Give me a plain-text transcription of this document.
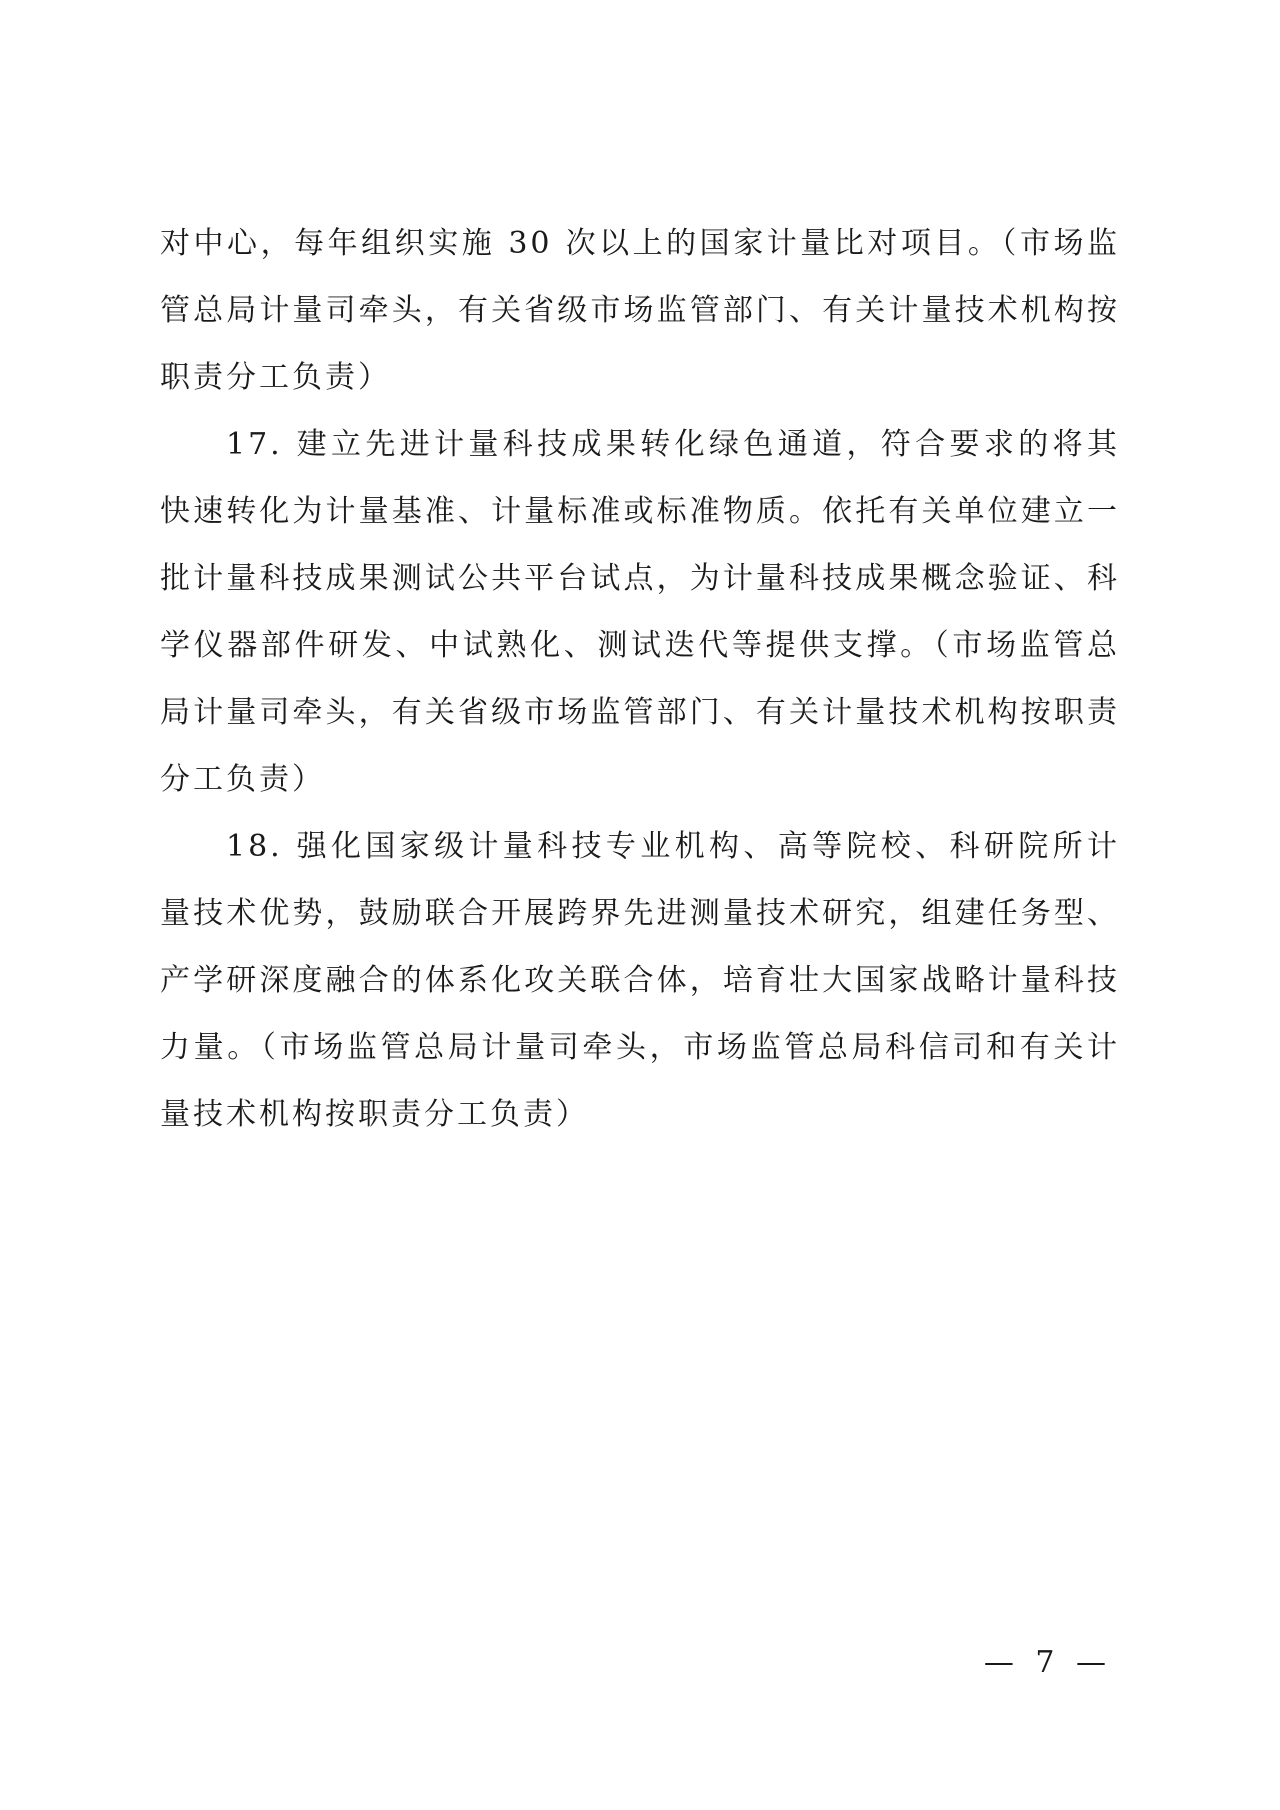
对中心，每年组织实施 30 次以上的国家计量比对项目。（市场监管总局计量司牵头，有关省级市场监管部门、有关计量技术机构按职责分工负责）

17. 建立先进计量科技成果转化绿色通道，符合要求的将其快速转化为计量基准、计量标准或标准物质。依托有关单位建立一批计量科技成果测试公共平台试点，为计量科技成果概念验证、科学仪器部件研发、中试熟化、测试迭代等提供支撑。（市场监管总局计量司牵头，有关省级市场监管部门、有关计量技术机构按职责分工负责）

18. 强化国家级计量科技专业机构、高等院校、科研院所计量技术优势，鼓励联合开展跨界先进测量技术研究，组建任务型、产学研深度融合的体系化攻关联合体，培育壮大国家战略计量科技力量。（市场监管总局计量司牵头，市场监管总局科信司和有关计量技术机构按职责分工负责）

— 7 —
